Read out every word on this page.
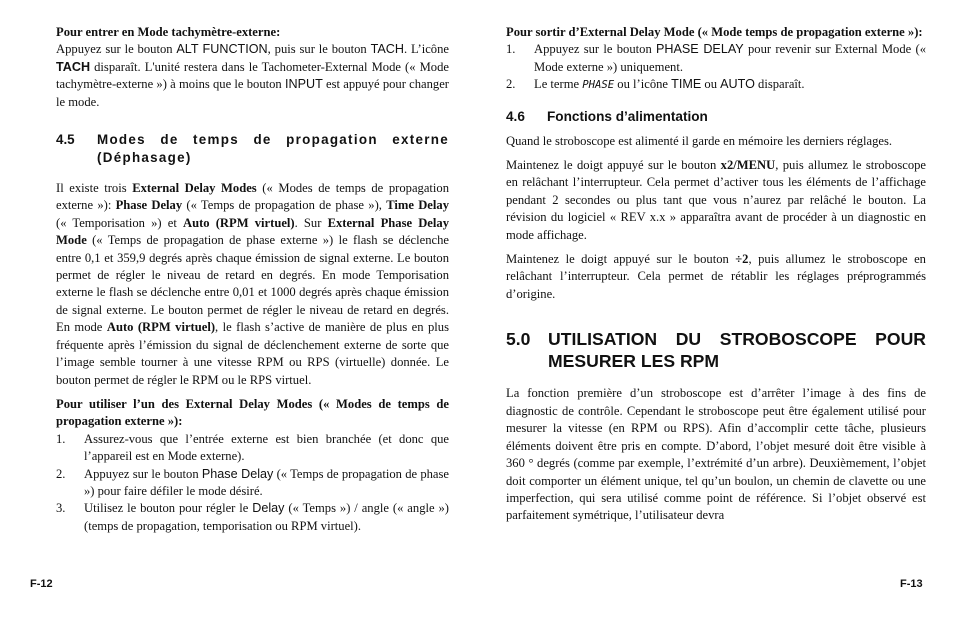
Pour entrer en Mode tachymètre-externe:

Appuyez sur le bouton ALT FUNCTION, puis sur le bouton TACH. L’icône TACH disparaît. L'unité restera dans le Tachometer-External Mode (« Mode tachymètre-externe ») à moins que le bouton INPUT est appuyé pour changer le mode.

4.5	Modes de temps de propagation externe (Déphasage)

Il existe trois External Delay Modes (« Modes de temps de propagation externe »): Phase Delay (« Temps de propagation de phase »), Time Delay (« Temporisation ») et Auto (RPM virtuel). Sur External Phase Delay Mode (« Temps de propagation de phase externe ») le flash se déclenche entre 0,1 et 359,9 degrés après chaque émission de signal externe. Le bouton permet de régler le niveau de retard en degrés. En mode Temporisation externe le flash se déclenche entre 0,01 et 1000 degrés après chaque émission de signal externe. Le bouton permet de régler le niveau de retard en degrés. En mode Auto (RPM virtuel), le flash s’active de manière de plus en plus fréquente après l’émission du signal de déclenchement externe de sorte que l’image semble tourner à une vitesse RPM ou RPS (virtuelle) donnée. Le bouton permet de régler le RPM ou le RPS virtuel.

Pour utiliser l’un des External Delay Modes (« Modes de temps de propagation externe »):

1.	Assurez-vous que l’entrée externe est bien branchée (et donc que l’appareil est en Mode externe).
2.	Appuyez sur le bouton Phase Delay (« Temps de propagation de phase ») pour faire défiler le mode désiré.
3.	Utilisez le bouton pour régler le Delay (« Temps ») / angle (« angle ») (temps de propagation, temporisation ou RPM virtuel).

Pour sortir d’External Delay Mode (« Mode temps de propagation externe »):

1.	Appuyez sur le bouton PHASE DELAY pour revenir sur External Mode (« Mode externe ») uniquement.
2.	Le terme PHASE ou l’icône TIME ou AUTO disparaît.
4.6	Fonctions d’alimentation

Quand le stroboscope est alimenté il garde en mémoire les derniers réglages.

Maintenez le doigt appuyé sur le bouton x2/MENU, puis allumez le stroboscope en relâchant l’interrupteur. Cela permet d’activer tous les éléments de l’affichage pendant 2 secondes ou plus tant que vous n’aurez par relâché le bouton. La révision du logiciel « REV x.x » apparaîtra avant de procéder à un diagnostic en mode affichage.

Maintenez le doigt appuyé sur le bouton ÷2, puis allumez le stroboscope en relâchant l’interrupteur. Cela permet de rétablir les réglages préprogrammés d’origine.

5.0 UTILISATION DU STROBOSCOPE POUR MESURER LES RPM

La fonction première d’un stroboscope est d’arrêter l’image à des fins de diagnostic de contrôle. Cependant le stroboscope peut être également utilisé pour mesurer la vitesse (en RPM ou RPS). Afin d’accomplir cette tâche, plusieurs éléments doivent être pris en compte. D’abord, l’objet mesuré doit être visible à 360 ° degrés (comme par exemple, l’extrémité d’un arbre). Deuxièmement, l’objet doit comporter un élément unique, tel qu’un boulon, un chemin de clavette ou une imperfection, qui sera utilisé comme point de référence. Si l’objet observé est parfaitement symétrique, l’utilisateur devra

F-12	F-13
